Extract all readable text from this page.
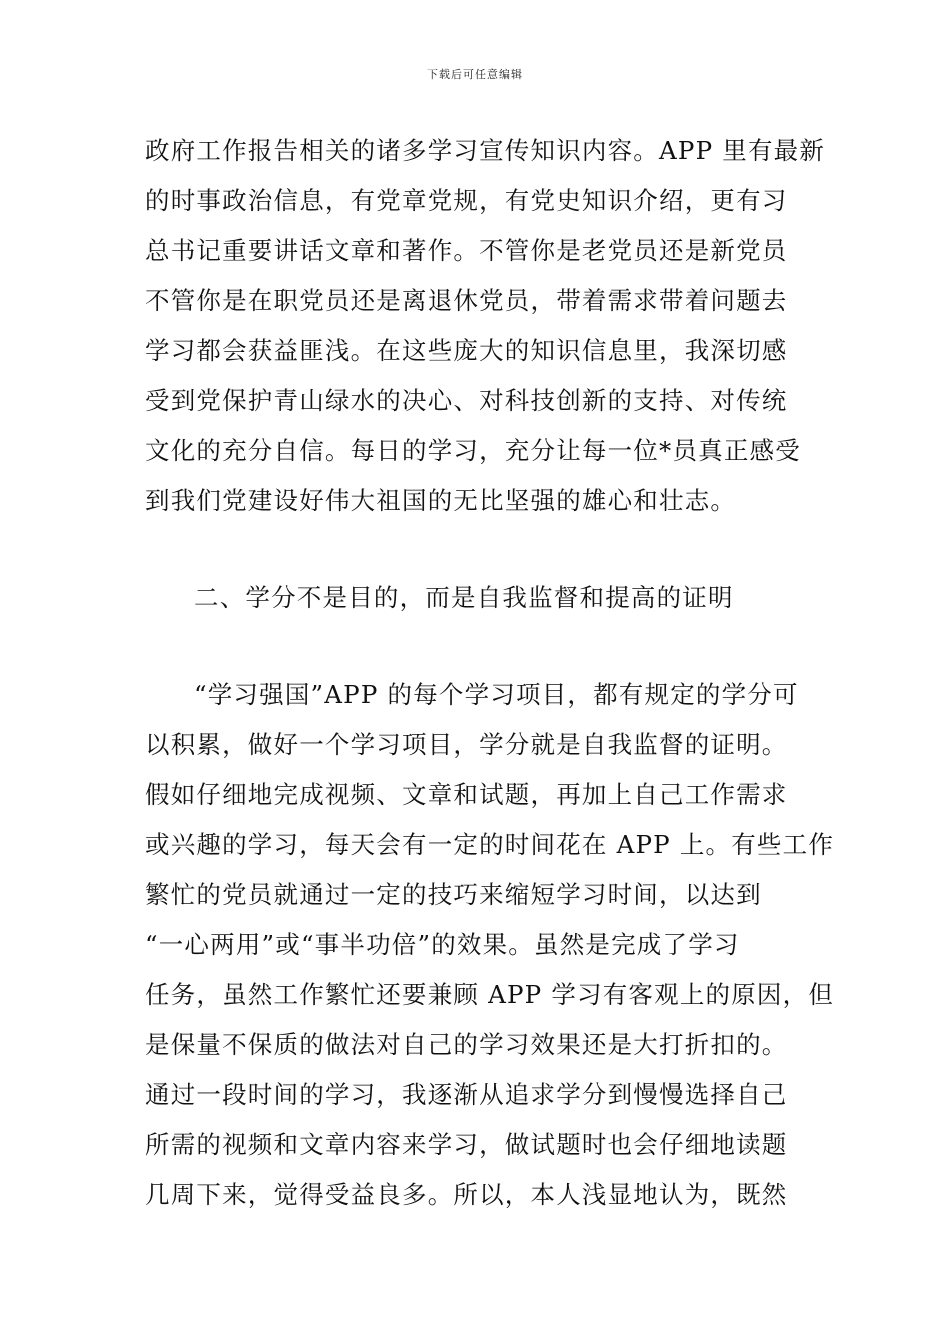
下载后可任意编辑
政府工作报告相关的诸多学习宣传知识内容。APP 里有最新
的时事政治信息，有党章党规，有党史知识介绍，更有习
总书记重要讲话文章和著作。不管你是老党员还是新党员
不管你是在职党员还是离退休党员，带着需求带着问题去
学习都会获益匪浅。在这些庞大的知识信息里，我深切感
受到党保护青山绿水的决心、对科技创新的支持、对传统
文化的充分自信。每日的学习，充分让每一位*员真正感受
到我们党建设好伟大祖国的无比坚强的雄心和壮志。
二、学分不是目的，而是自我监督和提高的证明
“学习强国”APP 的每个学习项目，都有规定的学分可
以积累，做好一个学习项目，学分就是自我监督的证明。
假如仔细地完成视频、文章和试题，再加上自己工作需求
或兴趣的学习，每天会有一定的时间花在 APP 上。有些工作
繁忙的党员就通过一定的技巧来缩短学习时间，以达到
“一心两用”或“事半功倍”的效果。虽然是完成了学习
任务，虽然工作繁忙还要兼顾 APP 学习有客观上的原因，但
是保量不保质的做法对自己的学习效果还是大打折扣的。
通过一段时间的学习，我逐渐从追求学分到慢慢选择自己
所需的视频和文章内容来学习，做试题时也会仔细地读题
几周下来，觉得受益良多。所以，本人浅显地认为，既然
